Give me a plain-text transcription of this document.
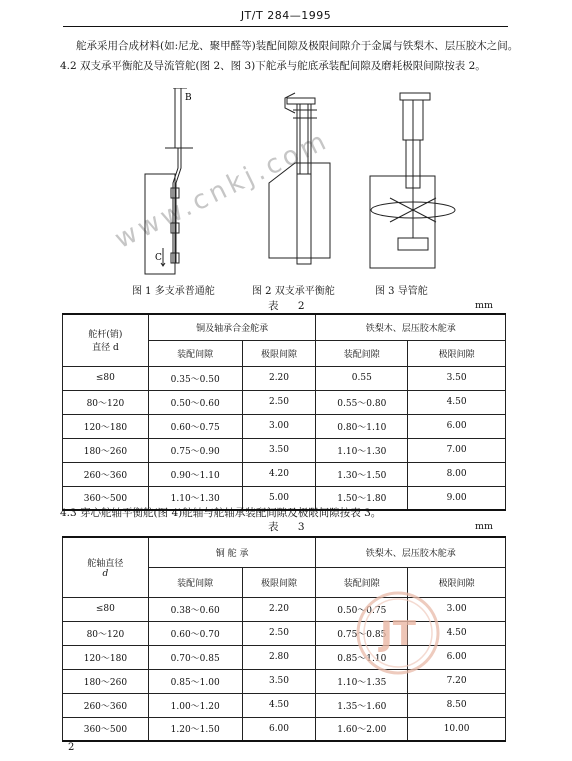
JT/T 284—1995
舵承采用合成材料(如:尼龙、聚甲醛等)装配间隙及极限间隙介于金属与铁梨木、层压胶木之间。
4.2 双支承平衡舵及导流管舵(图 2、图 3)下舵承与舵底承装配间隙及磨耗极限间隙按表 2。
www.cnkj.com
B
C
图 1 多支承普通舵	图 2 双支承平衡舵	图 3 导管舵
表 2	mm
舵杆(销)
直径 d	铜及轴承合金舵承		铁梨木、层压胶木舵承	
	装配间隙	极限间隙	装配间隙	极限间隙
≤80	0.35～0.50	2.20	0.55	3.50
80～120	0.50～0.60	2.50	0.55～0.80	4.50
120～180	0.60～0.75	3.00	0.80～1.10	6.00
180～260	0.75～0.90	3.50	1.10～1.30	7.00
260～360	0.90～1.10	4.20	1.30～1.50	8.00
360～500	1.10～1.30	5.00	1.50～1.80	9.00
4.3 穿心舵轴平衡舵(图 4)舵轴与舵轴承装配间隙及极限间隙按表 3。
表 3	mm
舵轴直径
d	铜 舵 承		铁梨木、层压胶木舵承	
	装配间隙	极限间隙	装配间隙	极限间隙
≤80	0.38～0.60	2.20	0.50～0.75	3.00
80～120	0.60～0.70	2.50	0.75～0.85	4.50
120～180	0.70～0.85	2.80	0.85～1.10	6.00
180～260	0.85～1.00	3.50	1.10～1.35	7.20
260～360	1.00～1.20	4.50	1.35～1.60	8.50
360～500	1.20～1.50	6.00	1.60～2.00	10.00
JT
2
